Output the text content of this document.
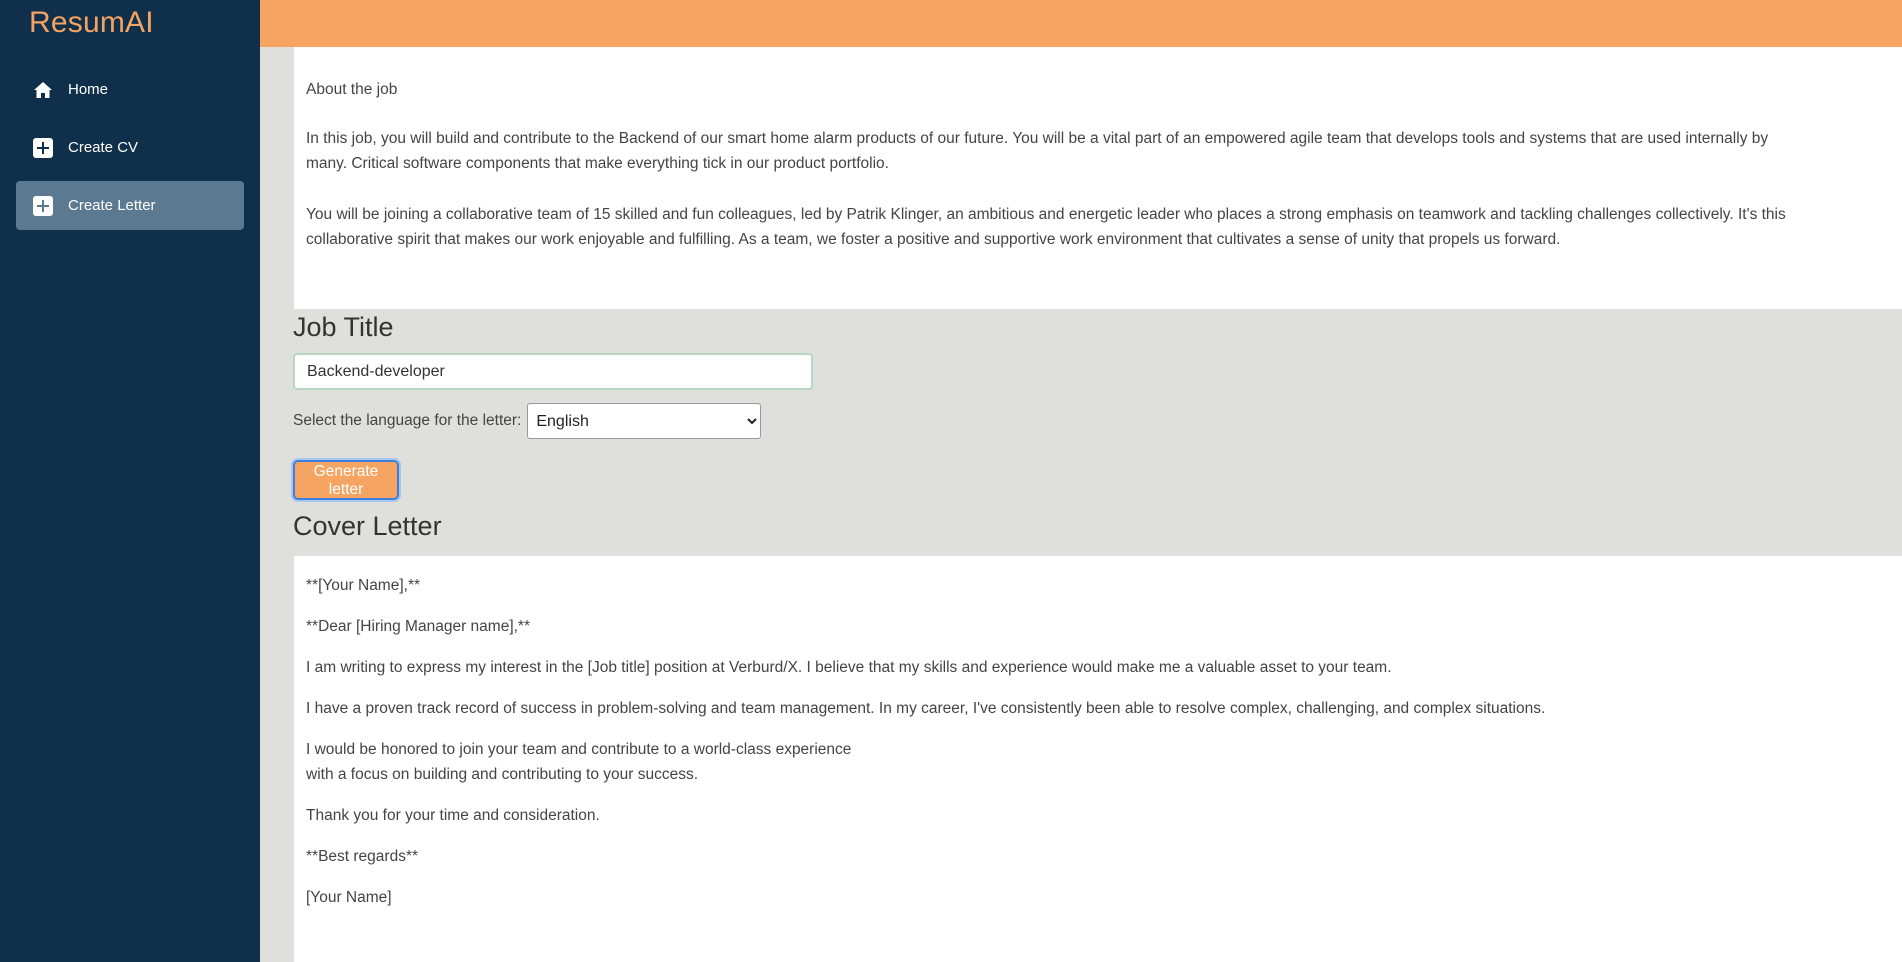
ResumAI
Home
Create CV
Create Letter

About the job

In this job, you will build and contribute to the Backend of our smart home alarm products of our future. You will be a vital part of an empowered agile team that develops tools and systems that are used internally by
many. Critical software components that make everything tick in our product portfolio.

You will be joining a collaborative team of 15 skilled and fun colleagues, led by Patrik Klinger, an ambitious and energetic leader who places a strong emphasis on teamwork and tackling challenges collectively. It's this
collaborative spirit that makes our work enjoyable and fulfilling. As a team, we foster a positive and supportive work environment that cultivates a sense of unity that propels us forward.

Job Title
Backend-developer
Select the language for the letter:
English
Generate letter
Cover Letter
**[Your Name],**
**Dear [Hiring Manager name],**
I am writing to express my interest in the [Job title] position at Verburd/X. I believe that my skills and experience would make me a valuable asset to your team.
I have a proven track record of success in problem-solving and team management. In my career, I've consistently been able to resolve complex, challenging, and complex situations.
I would be honored to join your team and contribute to a world-class experience
with a focus on building and contributing to your success.
Thank you for your time and consideration.
**Best regards**
[Your Name]
